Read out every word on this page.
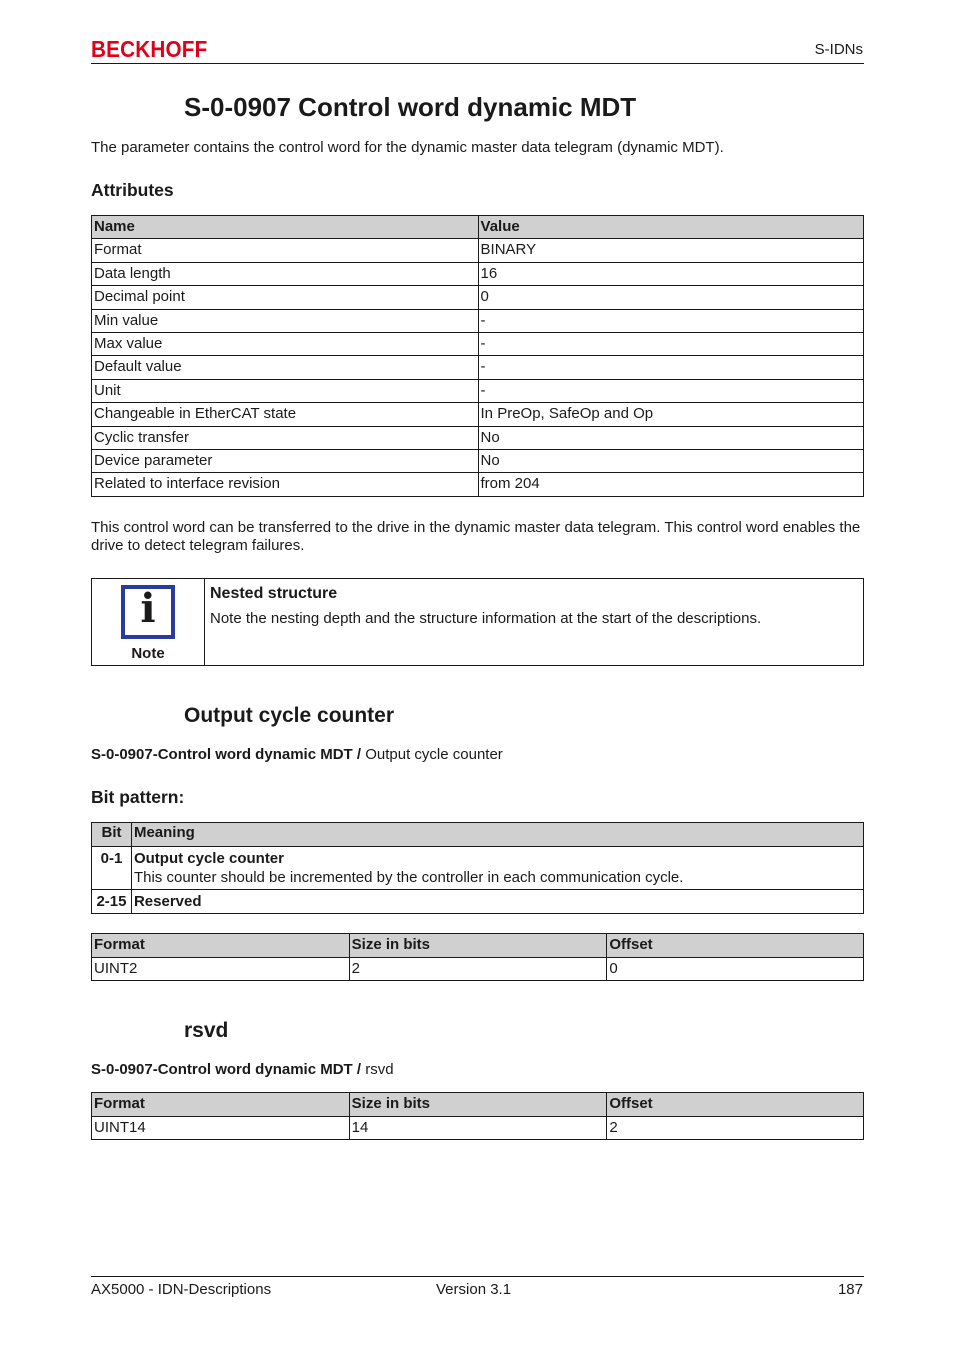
BECKHOFF	S-IDNs
S-0-0907 Control word dynamic MDT
The parameter contains the control word for the dynamic master data telegram (dynamic MDT).
Attributes
Name	Value
Format	BINARY
Data length	16
Decimal point	0
Min value	-
Max value	-
Default value	-
Unit	-
Changeable in EtherCAT state	In PreOp, SafeOp and Op
Cyclic transfer	No
Device parameter	No
Related to interface revision	from 204
This control word can be transferred to the drive in the dynamic master data telegram. This control word enables the drive to detect telegram failures.
i
Note
Nested structure
Note the nesting depth and the structure information at the start of the descriptions.
Output cycle counter
S-0-0907-Control word dynamic MDT / Output cycle counter
Bit pattern:
Bit	Meaning
0-1	Output cycle counter
This counter should be incremented by the controller in each communication cycle.

2-15	Reserved
Format	Size in bits	Offset
UINT2	2	0
rsvd
S-0-0907-Control word dynamic MDT / rsvd
Format	Size in bits	Offset
UINT14	14	2
AX5000 - IDN-Descriptions	Version 3.1	187
